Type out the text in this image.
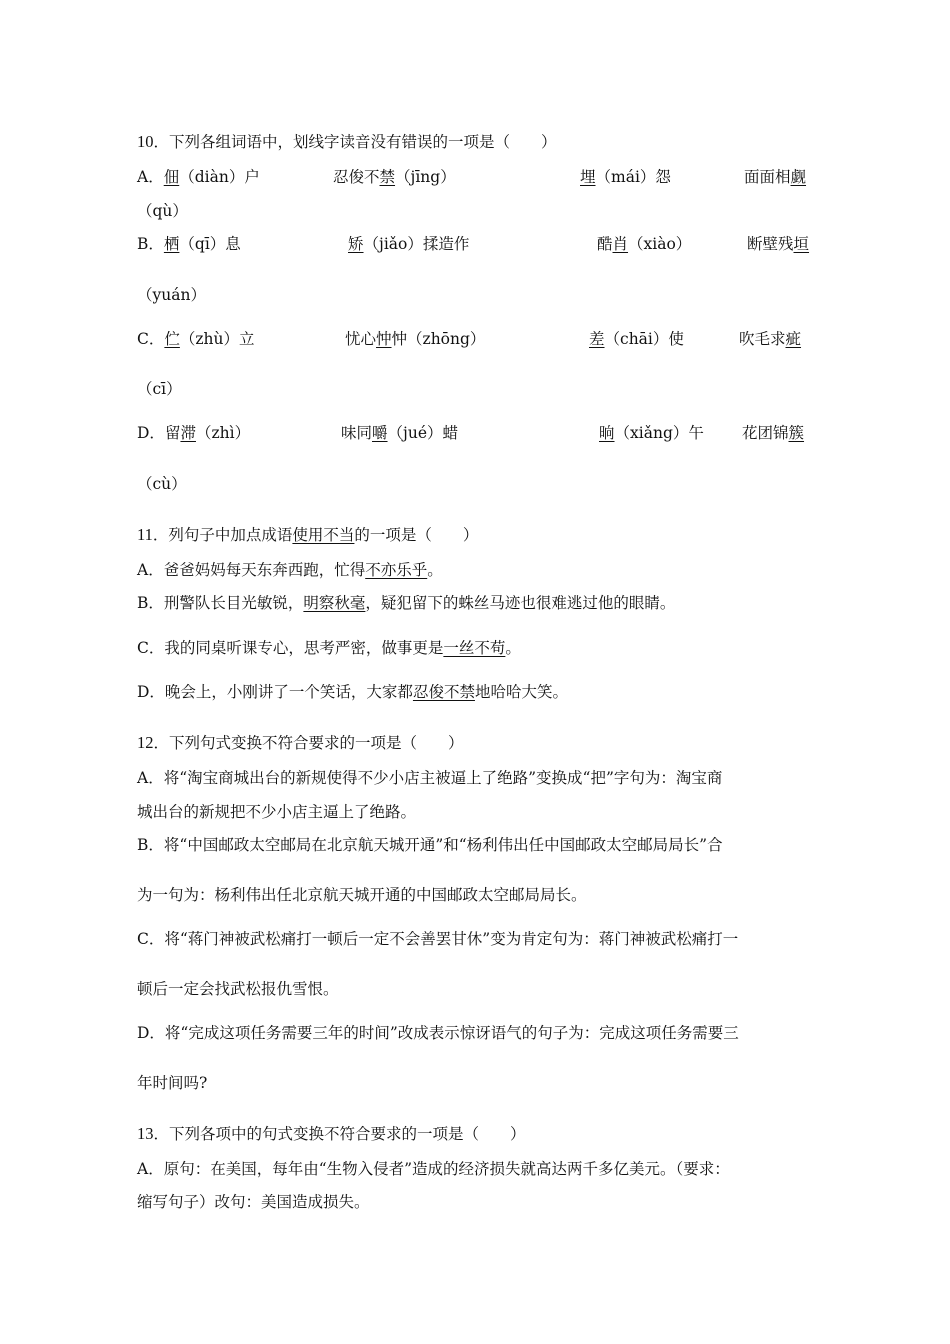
10．下列各组词语中，划线字读音没有错误的一项是（　　）
A．佃（diàn）户	忍俊不禁（jīng）	埋（mái）怨	面面相觑
（qù）
B．栖（qī）息	矫（jiǎo）揉造作	酷肖（xiào）	断壁残垣
（yuán）
C．伫（zhù）立	忧心忡忡（zhōng）	差（chāi）使	吹毛求疵
（cī）
D．留滞（zhì）	味同嚼（jué）蜡	晌（xiǎng）午 花团锦簇
（cù）
11．列句子中加点成语使用不当的一项是（　　）
A．爸爸妈妈每天东奔西跑，忙得不亦乐乎。
B．刑警队长目光敏锐，明察秋毫，疑犯留下的蛛丝马迹也很难逃过他的眼睛。
C．我的同桌听课专心，思考严密，做事更是一丝不苟。
D．晚会上，小刚讲了一个笑话，大家都忍俊不禁地哈哈大笑。
12．下列句式变换不符合要求的一项是（　　）
A．将“淘宝商城出台的新规使得不少小店主被逼上了绝路”变换成“把”字句为：淘宝商
城出台的新规把不少小店主逼上了绝路。
B．将“中国邮政太空邮局在北京航天城开通”和“杨利伟出任中国邮政太空邮局局长”合
为一句为：杨利伟出任北京航天城开通的中国邮政太空邮局局长。
C．将“蒋门神被武松痛打一顿后一定不会善罢甘休”变为肯定句为：蒋门神被武松痛打一
顿后一定会找武松报仇雪恨。
D．将“完成这项任务需要三年的时间”改成表示惊讶语气的句子为：完成这项任务需要三
年时间吗?
13．下列各项中的句式变换不符合要求的一项是（　　）
A．原句：在美国，每年由“生物入侵者”造成的经济损失就高达两千多亿美元。（要求：
缩写句子）改句：美国造成损失。
